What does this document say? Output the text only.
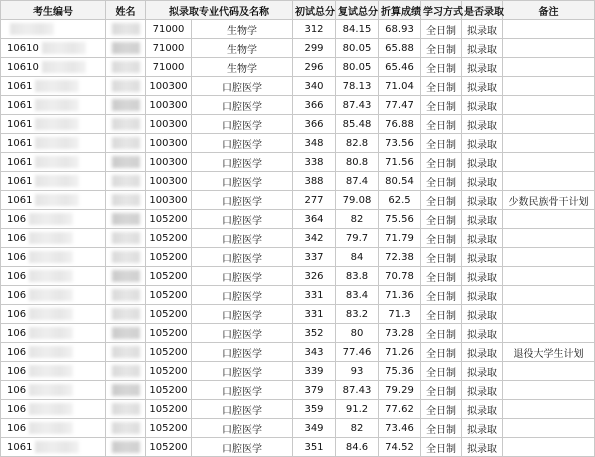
考生编号	姓名	拟录取专业代码及名称		初试总分	复试总分	折算成绩	学习方式	是否录取	备注
		71000	生物学	312	84.15	68.93	全日制	拟录取	
10610		71000	生物学	299	80.05	65.88	全日制	拟录取	
10610		71000	生物学	296	80.05	65.46	全日制	拟录取	
1061		100300	口腔医学	340	78.13	71.04	全日制	拟录取	
1061		100300	口腔医学	366	87.43	77.47	全日制	拟录取	
1061		100300	口腔医学	366	85.48	76.88	全日制	拟录取	
1061		100300	口腔医学	348	82.8	73.56	全日制	拟录取	
1061		100300	口腔医学	338	80.8	71.56	全日制	拟录取	
1061		100300	口腔医学	388	87.4	80.54	全日制	拟录取	
1061		100300	口腔医学	277	79.08	62.5	全日制	拟录取	少数民族骨干计划
106		105200	口腔医学	364	82	75.56	全日制	拟录取	
106		105200	口腔医学	342	79.7	71.79	全日制	拟录取	
106		105200	口腔医学	337	84	72.38	全日制	拟录取	
106		105200	口腔医学	326	83.8	70.78	全日制	拟录取	
106		105200	口腔医学	331	83.4	71.36	全日制	拟录取	
106		105200	口腔医学	331	83.2	71.3	全日制	拟录取	
106		105200	口腔医学	352	80	73.28	全日制	拟录取	
106		105200	口腔医学	343	77.46	71.26	全日制	拟录取	退役大学生计划
106		105200	口腔医学	339	93	75.36	全日制	拟录取	
106		105200	口腔医学	379	87.43	79.29	全日制	拟录取	
106		105200	口腔医学	359	91.2	77.62	全日制	拟录取	
106		105200	口腔医学	349	82	73.46	全日制	拟录取	
1061		105200	口腔医学	351	84.6	74.52	全日制	拟录取	
